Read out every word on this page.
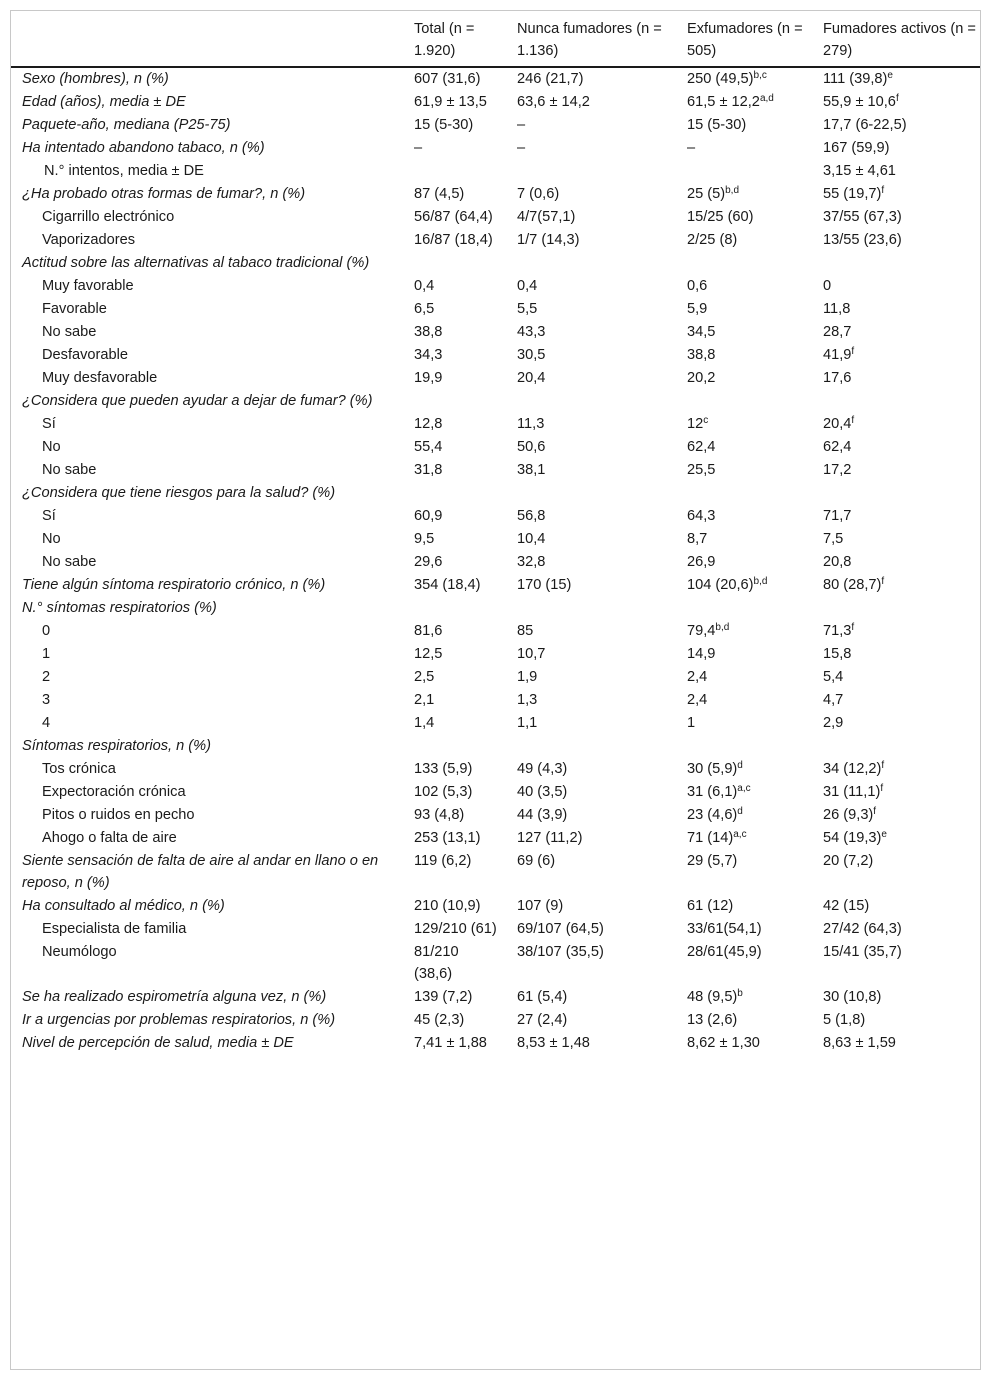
	Total (n = 1.920)	Nunca fumadores (n = 1.136)	Exfumadores (n = 505)	Fumadores activos (n = 279)
Sexo (hombres), n (%)	607 (31,6)	246 (21,7)	250 $(49,5)^{b,c}$	111 $(39,8)^e$
Edad (años), media ± DE	61,9 ± 13,5	63,6 ± 14,2	$61,5 \pm 12,2^{a,d}$	55,9 ± 10,6$^f$
Paquete-año, mediana (P25-75)	15 (5-30)	–	15 (5-30)	17,7 (6-22,5)
Ha intentado abandono tabaco, n (%)	–	–	–	167 (59,9)
N.° intentos, media ± DE				3,15 ± 4,61
¿Ha probado otras formas de fumar?, n (%)	87 (4,5)	7 (0,6)	25 $(5)^{b,d}$	55 $(19,7)^f$
Cigarrillo electrónico	56/87 (64,4)	4/7(57,1)	15/25 (60)	37/55 (67,3)
Vaporizadores	16/87 (18,4)	1/7 (14,3)	2/25 (8)	13/55 (23,6)
Actitud sobre las alternativas al tabaco tradicional (%)				
Muy favorable	0,4	0,4	0,6	0
Favorable	6,5	5,5	5,9	11,8
No sabe	38,8	43,3	34,5	28,7
Desfavorable	34,3	30,5	38,8	41,9$^f$
Muy desfavorable	19,9	20,4	20,2	17,6
¿Considera que pueden ayudar a dejar de fumar? (%)				
Sí	12,8	11,3	12$^c$	20,4$^f$
No	55,4	50,6	62,4	62,4
No sabe	31,8	38,1	25,5	17,2
¿Considera que tiene riesgos para la salud? (%)				
Sí	60,9	56,8	64,3	71,7
No	9,5	10,4	8,7	7,5
No sabe	29,6	32,8	26,9	20,8
Tiene algún síntoma respiratorio crónico, n (%)	354 (18,4)	170 (15)	104 $(20,6)^{b,d}$	80 $(28,7)^f$
N.° síntomas respiratorios (%)				
0	81,6	85	79,4$^{b,d}$	71,3$^f$
1	12,5	10,7	14,9	15,8
2	2,5	1,9	2,4	5,4
3	2,1	1,3	2,4	4,7
4	1,4	1,1	1	2,9
Síntomas respiratorios, n (%)				
Tos crónica	133 (5,9)	49 (4,3)	30 $(5,9)^d$	34 $(12,2)^f$
Expectoración crónica	102 (5,3)	40 (3,5)	31 $(6,1)^{a,c}$	31 $(11,1)^f$
Pitos o ruidos en pecho	93 (4,8)	44 (3,9)	23 $(4,6)^d$	26 $(9,3)^f$
Ahogo o falta de aire	253 (13,1)	127 (11,2)	71 $(14)^{a,c}$	54 $(19,3)^e$
Siente sensación de falta de aire al andar en llano o en reposo, n (%)	119 (6,2)	69 (6)	29 (5,7)	20 (7,2)
Ha consultado al médico, n (%)	210 (10,9)	107 (9)	61 (12)	42 (15)
Especialista de familia	129/210 (61)	69/107 (64,5)	33/61(54,1)	27/42 (64,3)
Neumólogo	81/210 (38,6)	38/107 (35,5)	28/61(45,9)	15/41 (35,7)
Se ha realizado espirometría alguna vez, n (%)	139 (7,2)	61 (5,4)	48 $(9,5)^b$	30 (10,8)
Ir a urgencias por problemas respiratorios, n (%)	45 (2,3)	27 (2,4)	13 (2,6)	5 (1,8)
Nivel de percepción de salud, media ± DE	7,41 ± 1,88	8,53 ± 1,48	8,62 ± 1,30	8,63 ± 1,59
